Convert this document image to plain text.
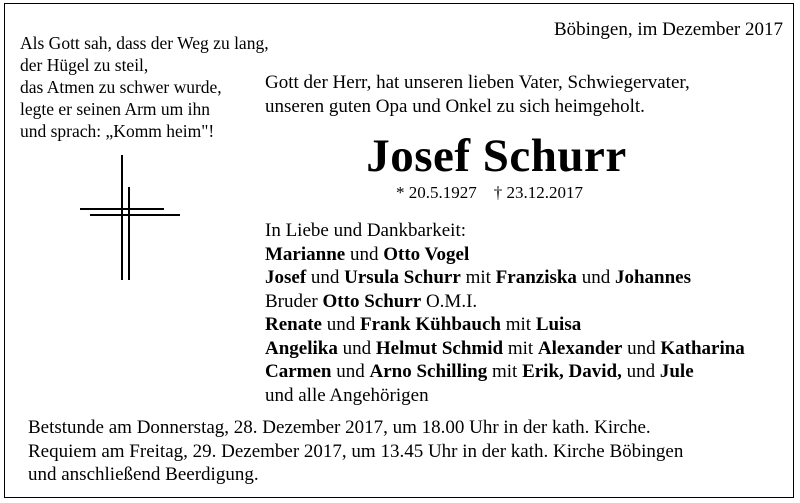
Als Gott sah, dass der Weg zu lang,
der Hügel zu steil,
das Atmen zu schwer wurde,
legte er seinen Arm um ihn
und sprach: „Komm heim"!
Böbingen, im Dezember 2017
Gott der Herr, hat unseren lieben Vater, Schwiegervater,
unseren guten Opa und Onkel zu sich heimgeholt.
Josef Schurr
* 20.5.1927 † 23.12.2017
In Liebe und Dankbarkeit:
Marianne und Otto Vogel
Josef und Ursula Schurr mit Franziska und Johannes
Bruder Otto Schurr O.M.I.
Renate und Frank Kühbauch mit Luisa
Angelika und Helmut Schmid mit Alexander und Katharina
Carmen und Arno Schilling mit Erik, David, und Jule
und alle Angehörigen
Betstunde am Donnerstag, 28. Dezember 2017, um 18.00 Uhr in der kath. Kirche.
Requiem am Freitag, 29. Dezember 2017, um 13.45 Uhr in der kath. Kirche Böbingen
und anschließend Beerdigung.
